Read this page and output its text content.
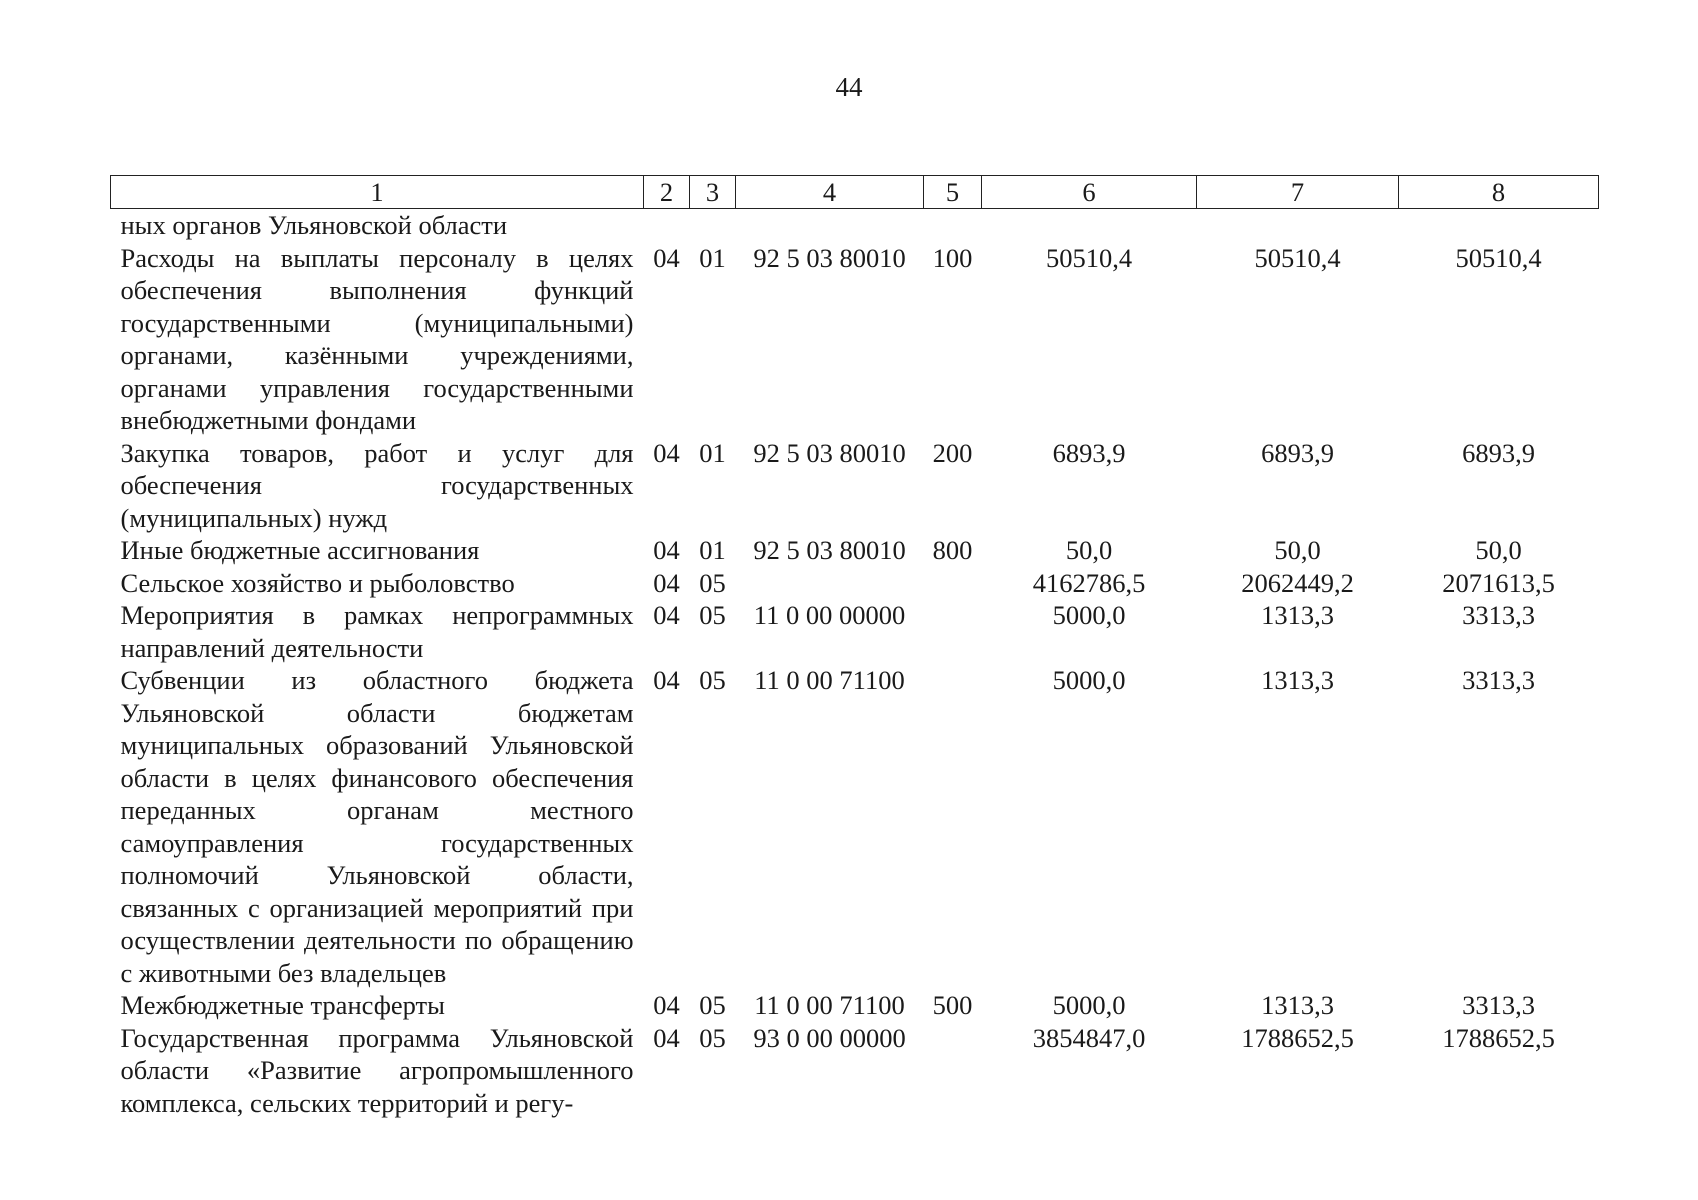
44
1	2	3	4	5	6	7	8
ных органов Ульяновской области							
Расходы на выплаты персоналу в целях обеспечения выполнения функций государственными (муниципальными) органами, казёнными учреждениями, органами управления государственными внебюджетными фондами	04	01	92 5 03 80010	100	50510,4	50510,4	50510,4
Закупка товаров, работ и услуг для обеспечения государственных (муниципальных) нужд	04	01	92 5 03 80010	200	6893,9	6893,9	6893,9
Иные бюджетные ассигнования	04	01	92 5 03 80010	800	50,0	50,0	50,0
Сельское хозяйство и рыболовство	04	05			4162786,5	2062449,2	2071613,5
Мероприятия в рамках непрограммных направлений деятельности	04	05	11 0 00 00000		5000,0	1313,3	3313,3
Субвенции из областного бюджета Ульяновской области бюджетам муниципальных образований Ульяновской области в целях финансового обеспечения переданных органам местного самоуправления государственных полномочий Ульяновской области, связанных с организацией мероприятий при осуществлении деятельности по обращению с животными без владельцев	04	05	11 0 00 71100		5000,0	1313,3	3313,3
Межбюджетные трансферты	04	05	11 0 00 71100	500	5000,0	1313,3	3313,3
Государственная программа Ульяновской области «Развитие агропромышленного комплекса, сельских территорий и регу-	04	05	93 0 00 00000		3854847,0	1788652,5	1788652,5
